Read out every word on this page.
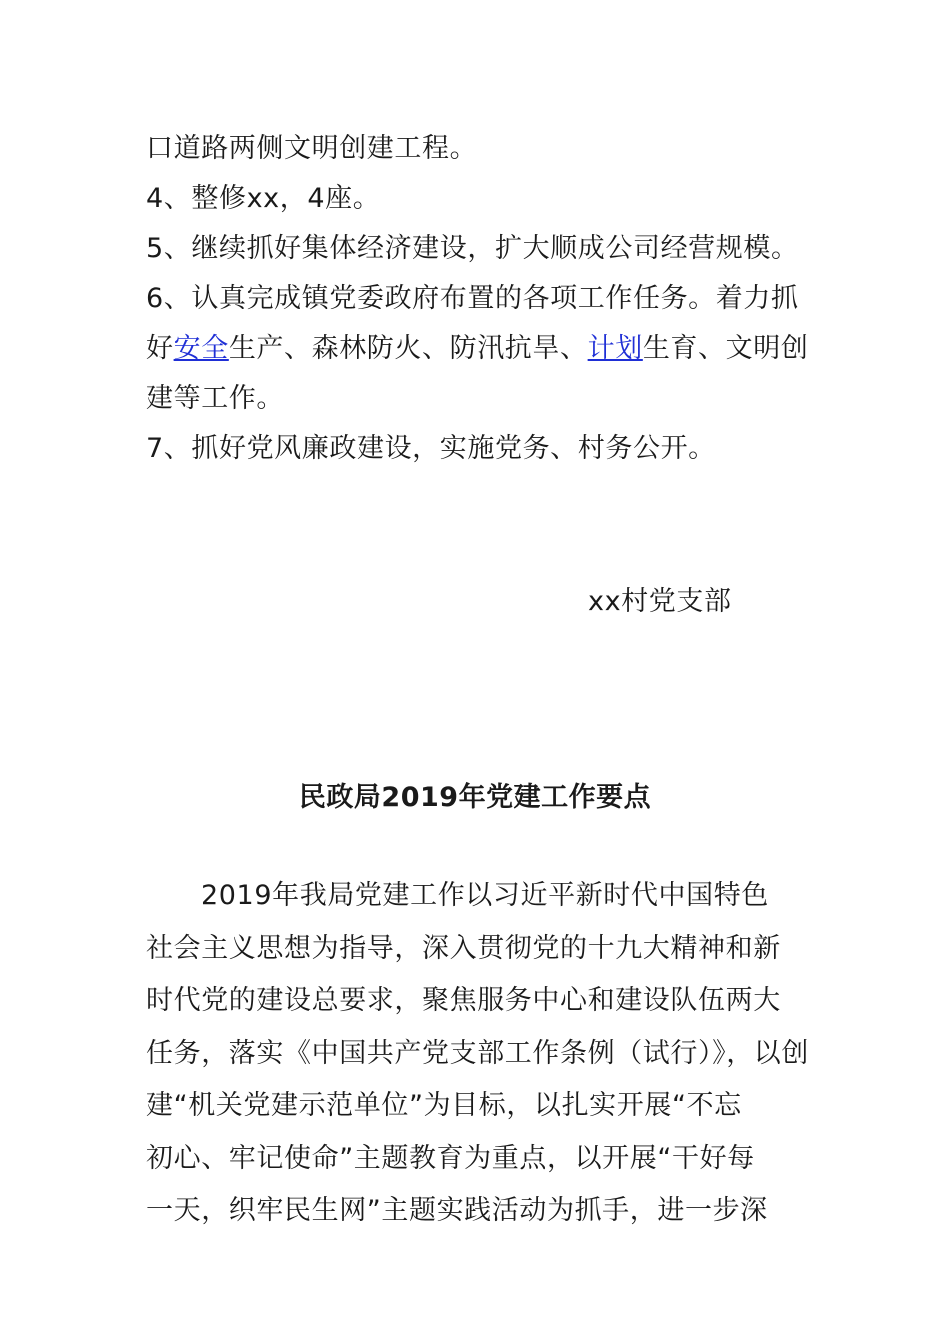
口道路两侧文明创建工程。
4、整修xx，4座。
5、继续抓好集体经济建设，扩大顺成公司经营规模。
6、认真完成镇党委政府布置的各项工作任务。着力抓
好安全生产、森林防火、防汛抗旱、计划生育、文明创
建等工作。
7、抓好党风廉政建设，实施党务、村务公开。
xx村党支部
民政局2019年党建工作要点
2019年我局党建工作以习近平新时代中国特色
社会主义思想为指导，深入贯彻党的十九大精神和新
时代党的建设总要求，聚焦服务中心和建设队伍两大
任务，落实《中国共产党支部工作条例（试行）》，以创
建“机关党建示范单位”为目标，以扎实开展“不忘
初心、牢记使命”主题教育为重点，以开展“干好每
一天，织牢民生网”主题实践活动为抓手，进一步深
